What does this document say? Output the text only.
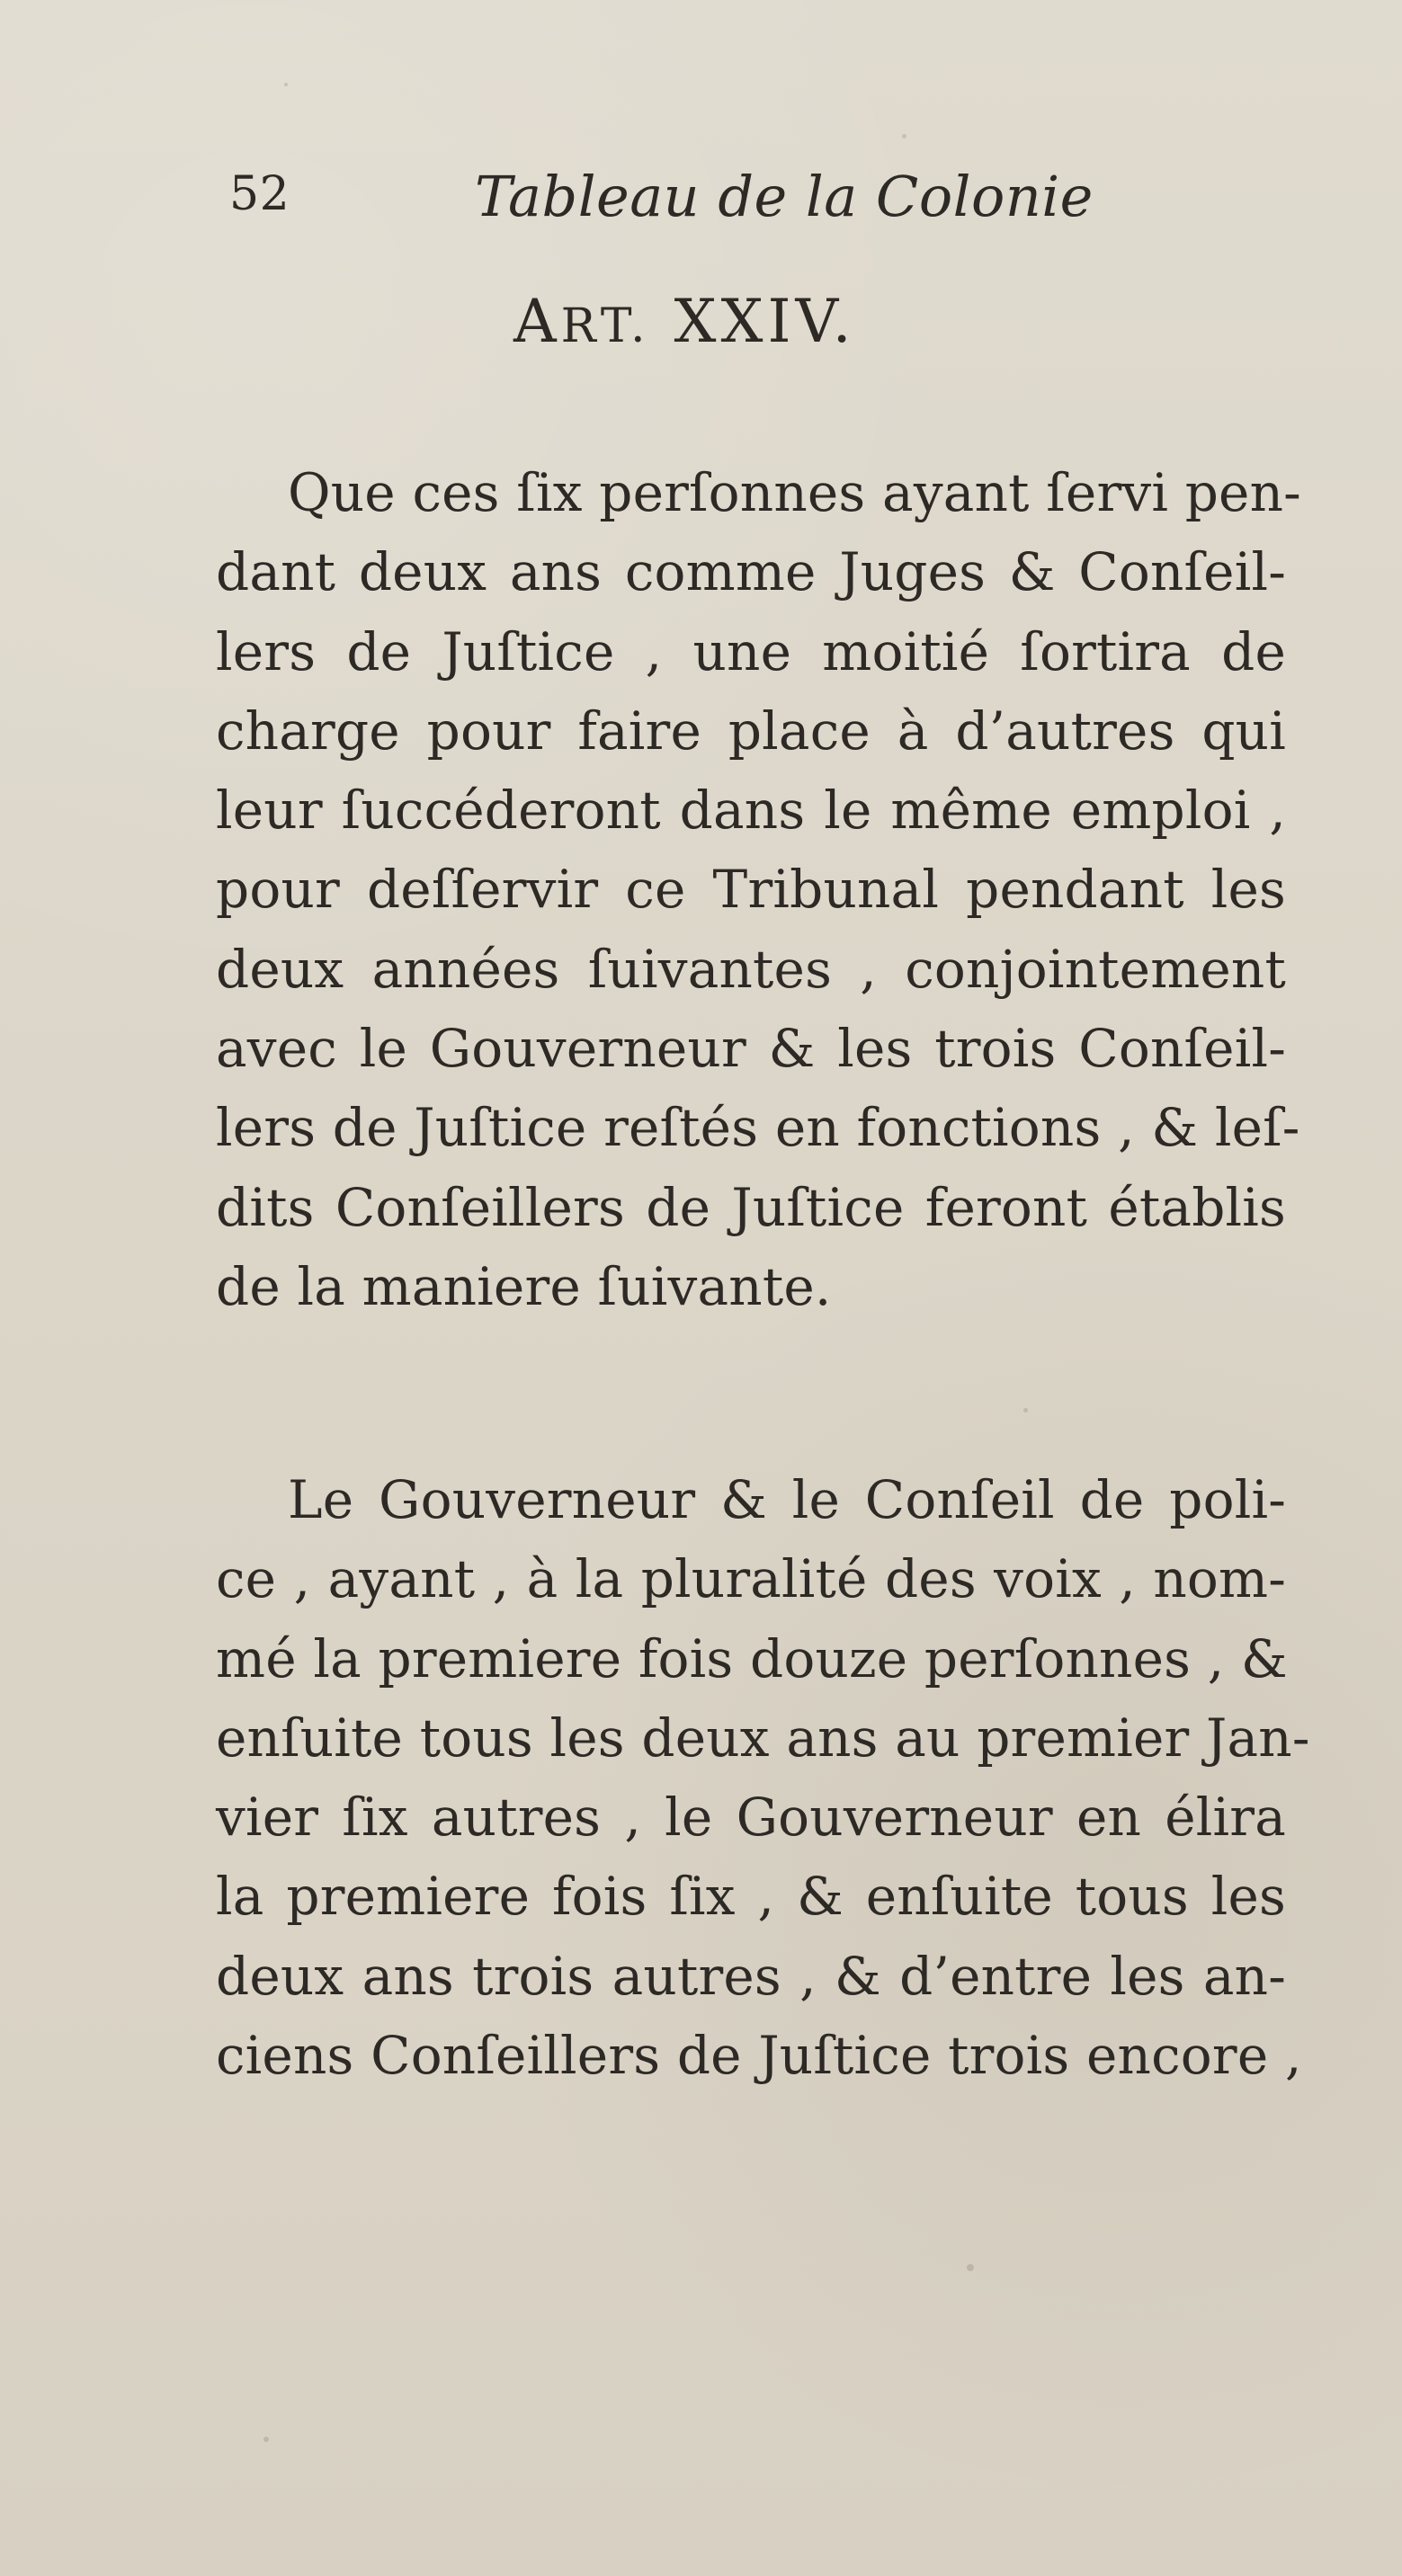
52	Tableau de la Colonie
ART. XXIV.
Que ces ſix perſonnes ayant ſervi pen-
dant deux ans comme Juges & Conſeil-
lers de Juſtice , une moitié ſortira de
charge pour faire place à d’autres qui
leur ſuccéderont dans le même emploi ,
pour deſſervir ce Tribunal pendant les
deux années ſuivantes , conjointement
avec le Gouverneur & les trois Conſeil-
lers de Juſtice reſtés en fonctions , & leſ-
dits Conſeillers de Juſtice feront établis
de la maniere ſuivante.
Le Gouverneur & le Conſeil de poli-
ce , ayant , à la pluralité des voix , nom-
mé la premiere fois douze perſonnes , &
enſuite tous les deux ans au premier Jan-
vier ſix autres , le Gouverneur en élira
la premiere fois ſix , & enſuite tous les
deux ans trois autres , & d’entre les an-
ciens Conſeillers de Juſtice trois encore ,
